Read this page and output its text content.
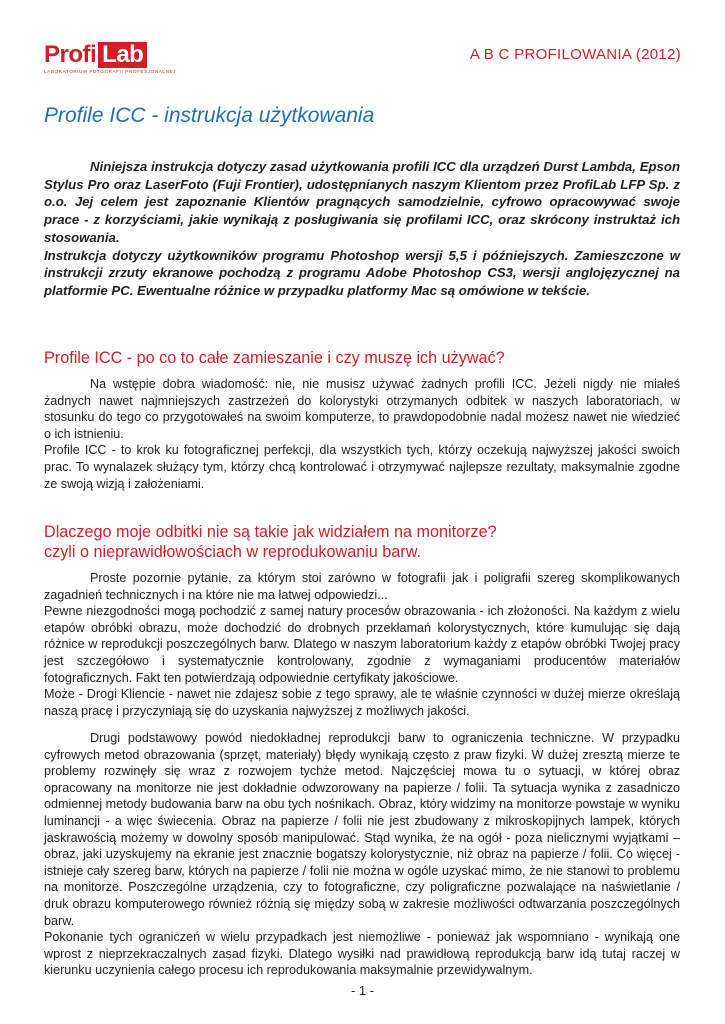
Profi Lab
LABORATORIUM FOTOGRAFII PROFESJONALNEJ
A B C PROFILOWANIA (2012)
Profile ICC - instrukcja użytkowania

Niniejsza instrukcja dotyczy zasad użytkowania profili ICC dla urządzeń Durst Lambda, Epson Stylus Pro oraz LaserFoto (Fuji Frontier), udostępnianych naszym Klientom przez ProfiLab LFP Sp. z o.o. Jej celem jest zapoznanie Klientów pragnących samodzielnie, cyfrowo opracowywać swoje prace - z korzyściami, jakie wynikają z posługiwania się profilami ICC, oraz skrócony instruktaż ich stosowania.

Instrukcja dotyczy użytkowników programu Photoshop wersji 5,5 i późniejszych. Zamieszczone w instrukcji zrzuty ekranowe pochodzą z programu Adobe Photoshop CS3, wersji anglojęzycznej na platformie PC. Ewentualne różnice w przypadku platformy Mac są omówione w tekście.

Profile ICC - po co to całe zamieszanie i czy muszę ich używać?

Na wstępie dobra wiadomość: nie, nie musisz używać żadnych profili ICC. Jeżeli nigdy nie miałeś żadnych nawet najmniejszych zastrzeżeń do kolorystyki otrzymanych odbitek w naszych laboratoriach, w stosunku do tego co przygotowałeś na swoim komputerze, to prawdopodobnie nadal możesz nawet nie wiedzieć o ich istnieniu.

Profile ICC - to krok ku fotograficznej perfekcji, dla wszystkich tych, którzy oczekują najwyższej jakości swoich prac. To wynalazek służący tym, którzy chcą kontrolować i otrzymywać najlepsze rezultaty, maksymalnie zgodne ze swoją wizją i założeniami.

Dlaczego moje odbitki nie są takie jak widziałem na monitorze?
czyli o nieprawidłowościach w reprodukowaniu barw.

Proste pozornie pytanie, za którym stoi zarówno w fotografii jak i poligrafii szereg skomplikowanych zagadnień technicznych i na które nie ma łatwej odpowiedzi...

Pewne niezgodności mogą pochodzić z samej natury procesów obrazowania - ich złożoności. Na każdym z wielu etapów obróbki obrazu, może dochodzić do drobnych przekłamań kolorystycznych, które kumulując się dają różnice w reprodukcji poszczególnych barw. Dlatego w naszym laboratorium każdy z etapów obróbki Twojej pracy jest szczegółowo i systematycznie kontrolowany, zgodnie z wymaganiami producentów materiałów fotograficznych. Fakt ten potwierdzają odpowiednie certyfikaty jakościowe.

Może - Drogi Kliencie - nawet nie zdajesz sobie z tego sprawy, ale te właśnie czynności w dużej mierze określają naszą pracę i przyczyniają się do uzyskania najwyższej z możliwych jakości.

Drugi podstawowy powód niedokładnej reprodukcji barw to ograniczenia techniczne. W przypadku cyfrowych metod obrazowania (sprzęt, materiały) błędy wynikają często z praw fizyki. W dużej zresztą mierze te problemy rozwinęły się wraz z rozwojem tychże metod. Najczęściej mowa tu o sytuacji, w której obraz opracowany na monitorze nie jest dokładnie odwzorowany na papierze / folii. Ta sytuacja wynika z zasadniczo odmiennej metody budowania barw na obu tych nośnikach. Obraz, który widzimy na monitorze powstaje w wyniku luminancji - a więc świecenia. Obraz na papierze / folii nie jest zbudowany z mikroskopijnych lampek, których jaskrawością możemy w dowolny sposób manipulować. Stąd wynika, że na ogół - poza nielicznymi wyjątkami – obraz, jaki uzyskujemy na ekranie jest znacznie bogatszy kolorystycznie, niż obraz na papierze / folii. Co więcej - istnieje cały szereg barw, których na papierze / folii nie można w ogóle uzyskać mimo, że nie stanowi to problemu na monitorze. Poszczególne urządzenia, czy to fotograficzne, czy poligraficzne pozwalające na naświetlanie / druk obrazu komputerowego również różnią się między sobą w zakresie możliwości odtwarzania poszczególnych barw.

Pokonanie tych ograniczeń w wielu przypadkach jest niemożliwe - ponieważ jak wspomniano - wynikają one wprost z nieprzekraczalnych zasad fizyki. Dlatego wysiłki nad prawidłową reprodukcją barw idą tutaj raczej w kierunku uczynienia całego procesu ich reprodukowania maksymalnie przewidywalnym.

- 1 -
